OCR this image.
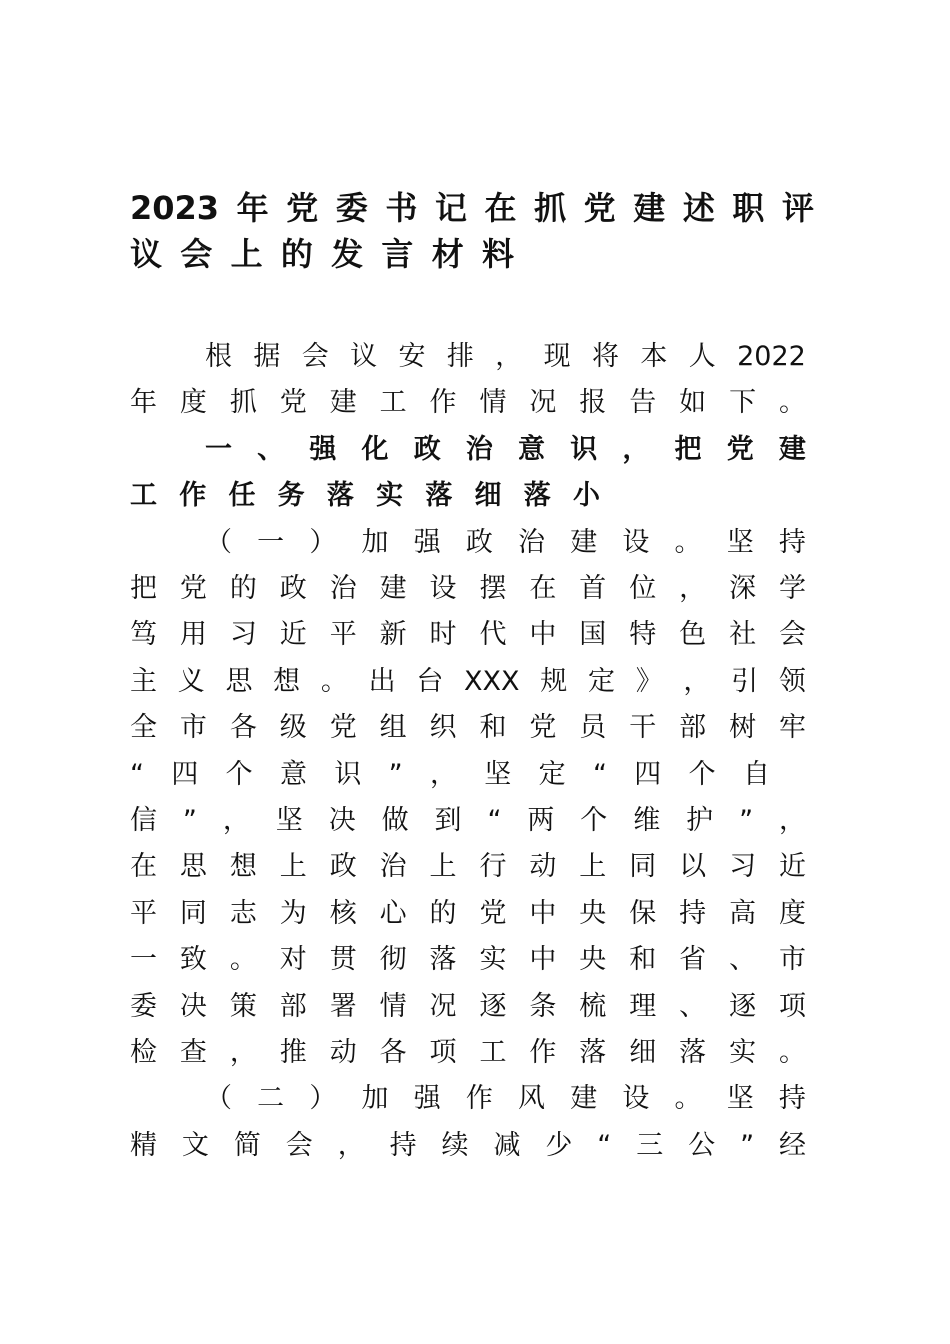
2023 年 党 委 书 记 在 抓 党 建 述 职 评
议 会 上 的 发 言 材 料
根 据 会 议 安 排 ， 现 将 本 人 2022
年 度 抓 党 建 工 作 情 况 报 告 如 下 。
一 、 强 化 政 治 意 识 ， 把 党 建
工 作 任 务 落 实 落 细 落 小
（ 一 ） 加 强 政 治 建 设 。 坚 持
把 党 的 政 治 建 设 摆 在 首 位 ， 深 学
笃 用 习 近 平 新 时 代 中 国 特 色 社 会
主 义 思 想 。 出 台 XXX 规 定 》 ， 引 领
全 市 各 级 党 组 织 和 党 员 干 部 树 牢
“ 四 个 意 识 ” ， 坚 定 “ 四 个 自
信 ” ， 坚 决 做 到 “ 两 个 维 护 ” ，
在 思 想 上 政 治 上 行 动 上 同 以 习 近
平 同 志 为 核 心 的 党 中 央 保 持 高 度
一 致 。 对 贯 彻 落 实 中 央 和 省 、 市
委 决 策 部 署 情 况 逐 条 梳 理 、 逐 项
检 查 ， 推 动 各 项 工 作 落 细 落 实 。
（ 二 ） 加 强 作 风 建 设 。 坚 持
精 文 简 会 ， 持 续 减 少 “ 三 公 ” 经
